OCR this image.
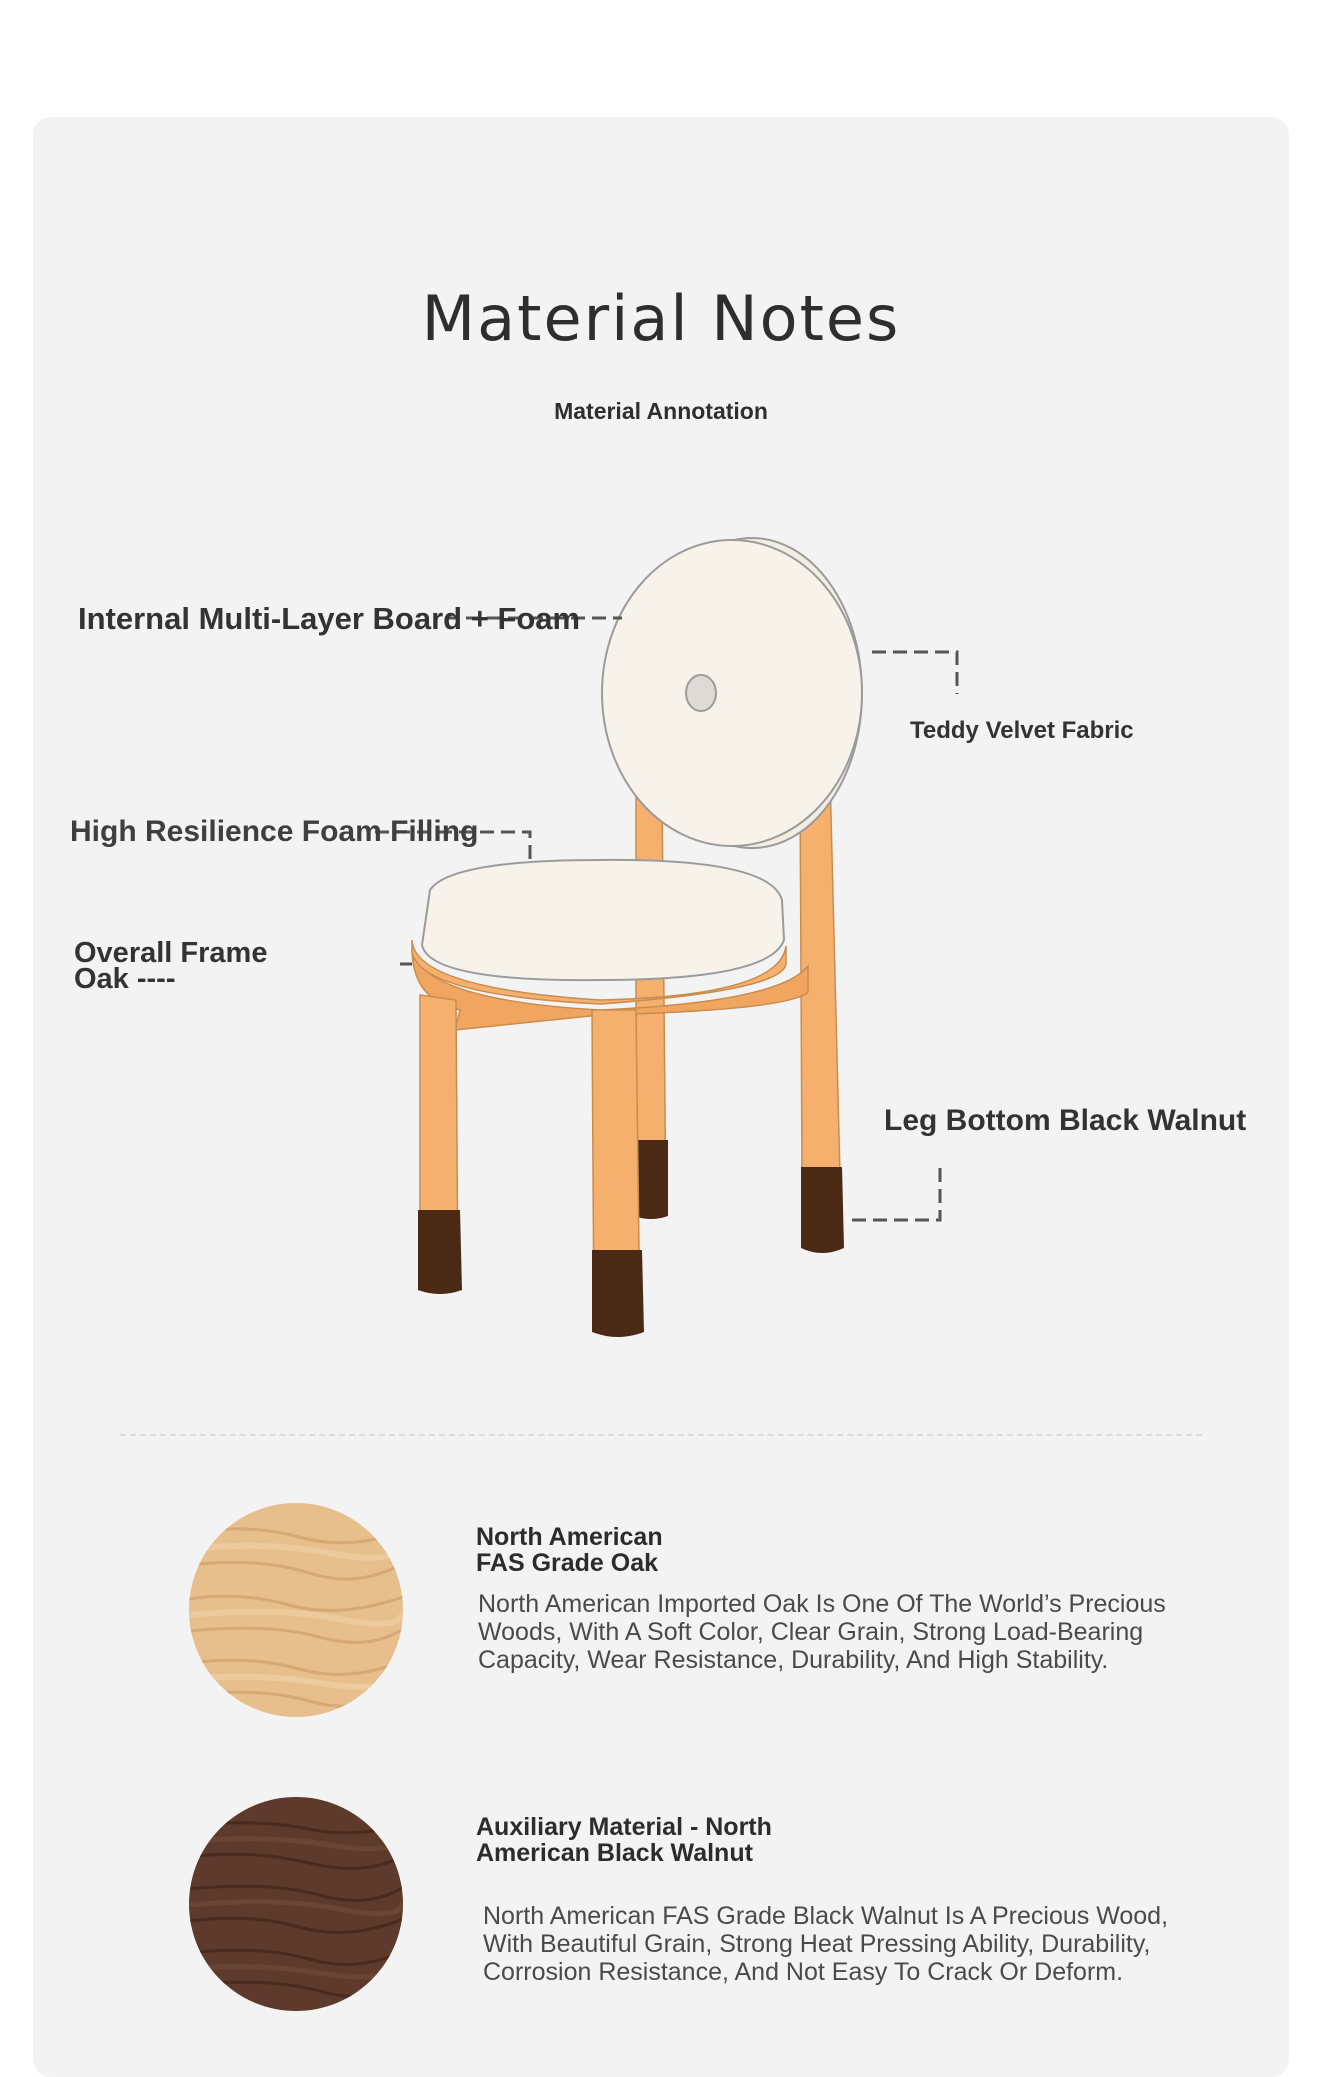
Material Notes
Material Annotation
Internal Multi-Layer Board + Foam
Teddy Velvet Fabric
High Resilience Foam Filling
Overall Frame
Oak ----
Leg Bottom Black Walnut
North American
FAS Grade Oak
North American Imported Oak Is One Of The World’s Precious Woods, With A Soft Color, Clear Grain, Strong Load-Bearing Capacity, Wear Resistance, Durability, And High Stability.
Auxiliary Material - North
American Black Walnut
North American FAS Grade Black Walnut Is A Precious Wood, With Beautiful Grain, Strong Heat Pressing Ability, Durability, Corrosion Resistance, And Not Easy To Crack Or Deform.
